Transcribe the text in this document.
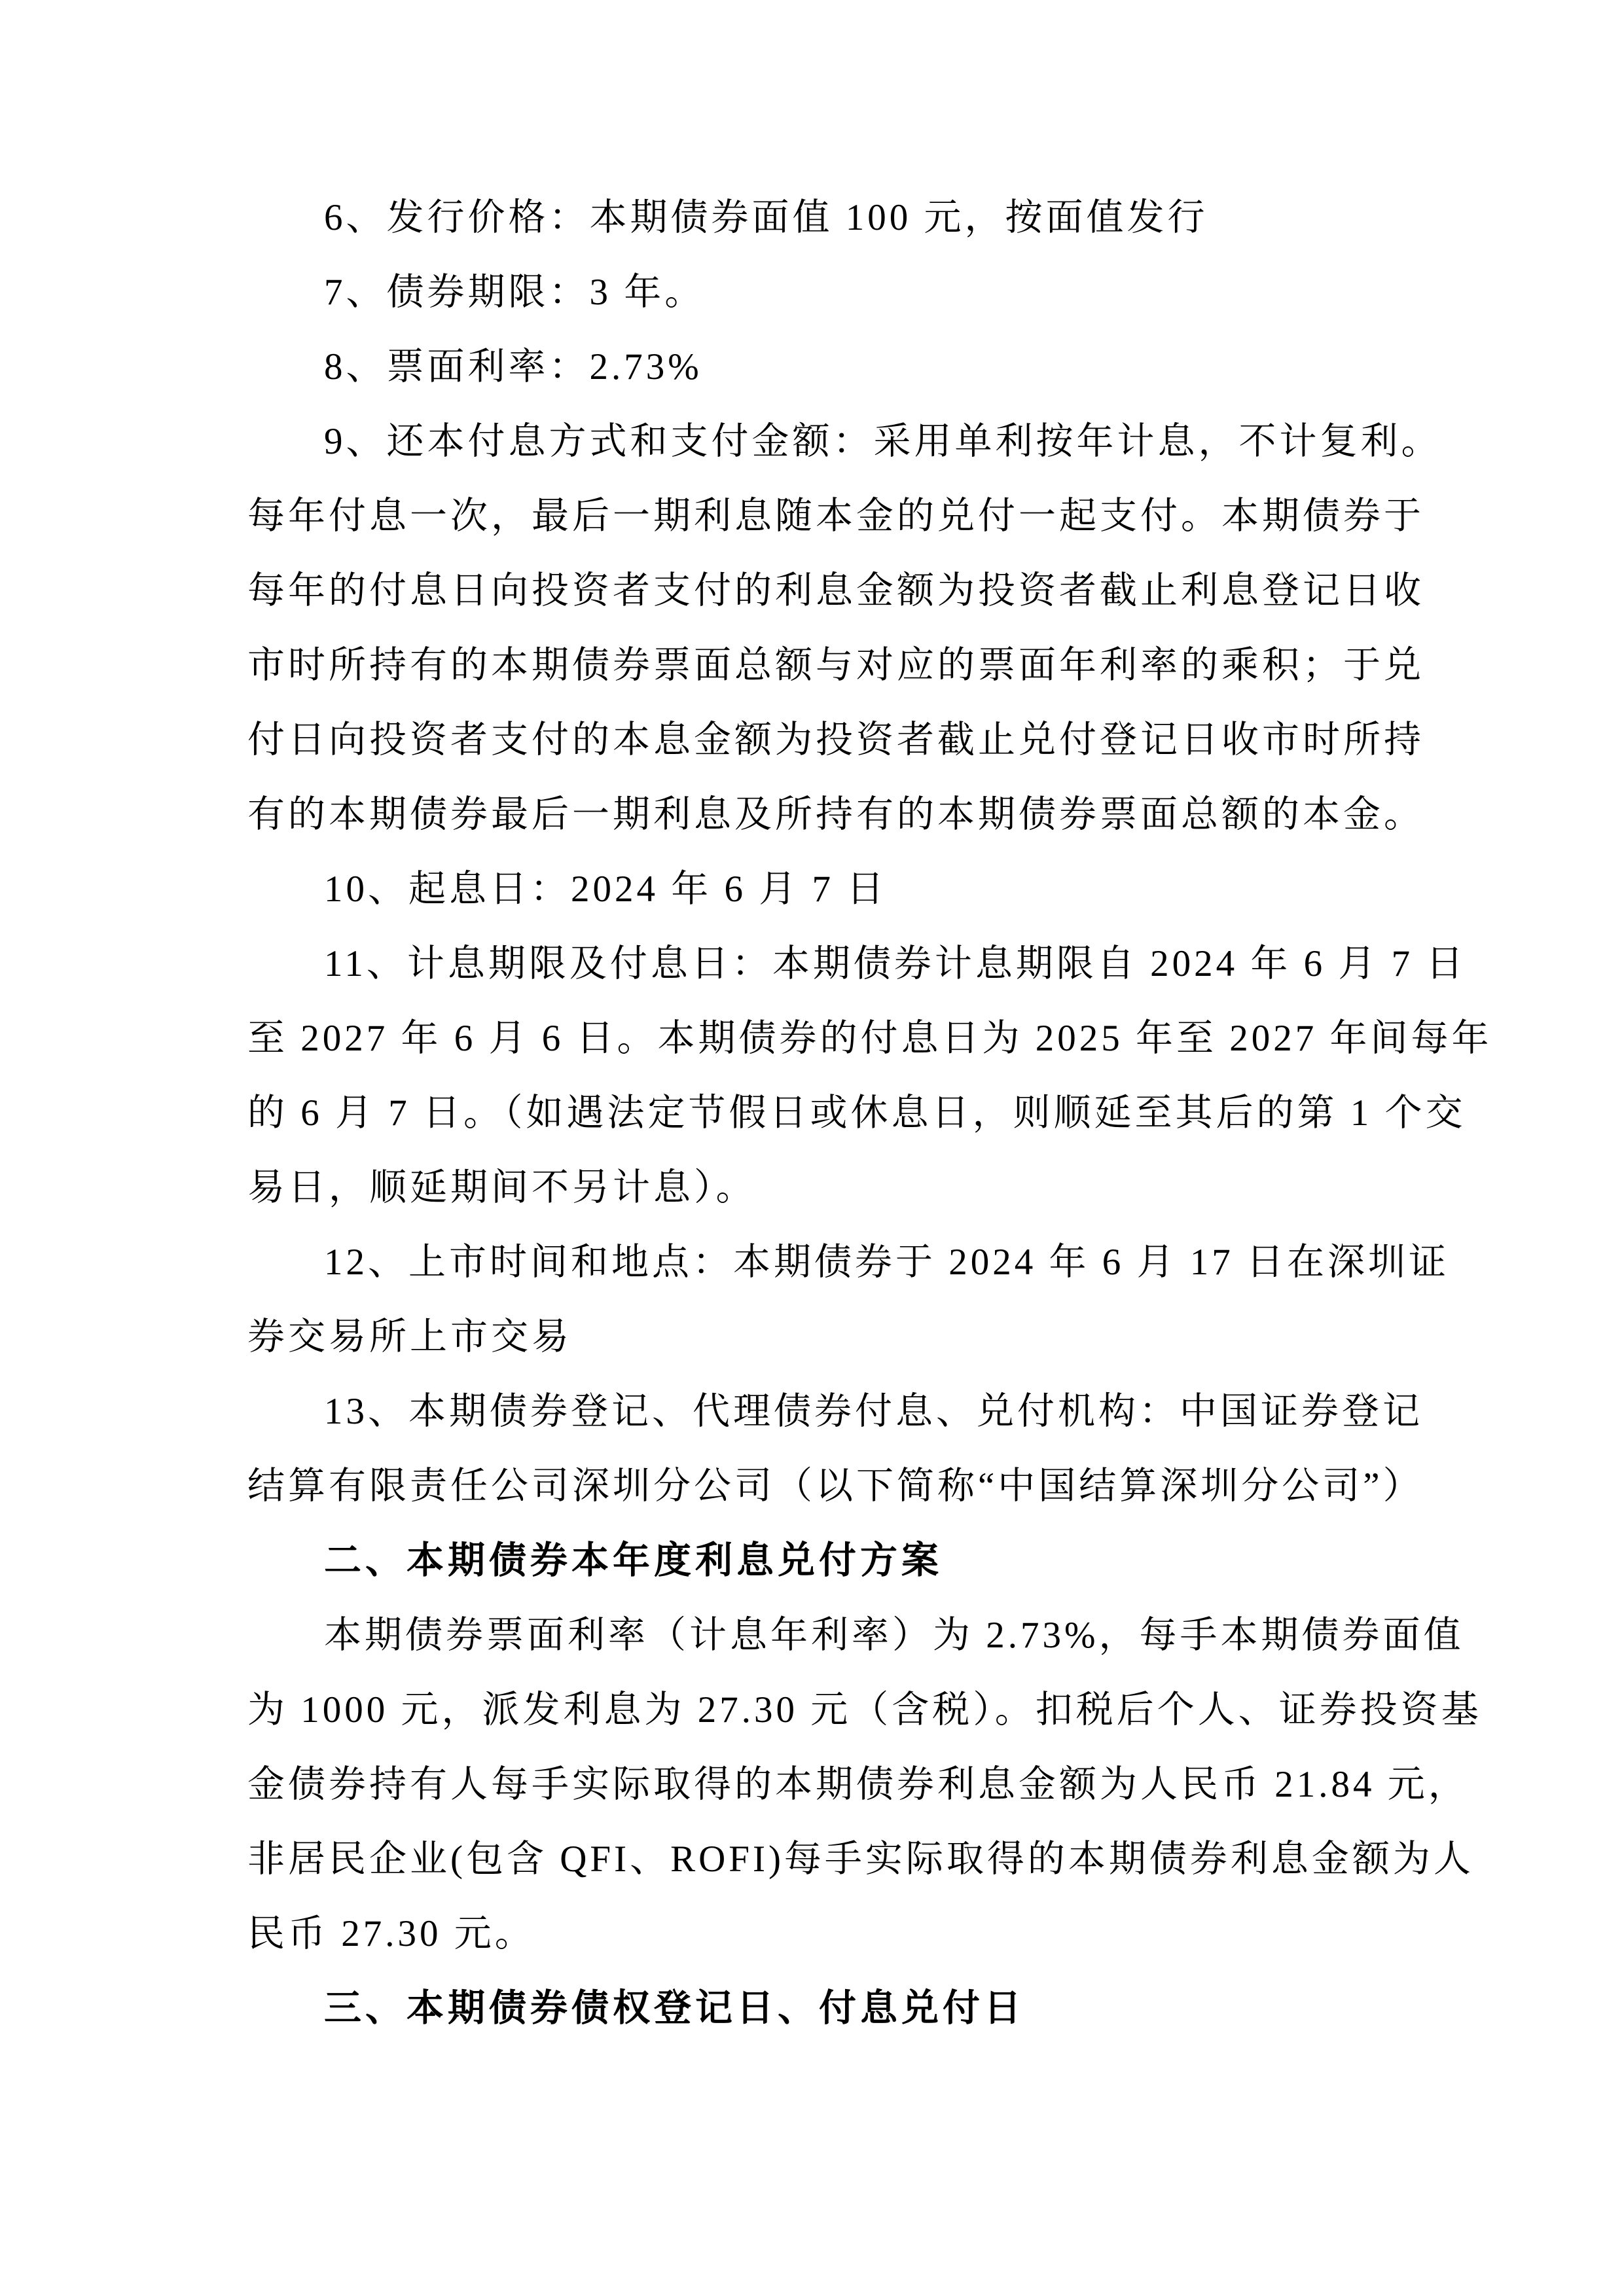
6、发行价格：本期债券面值 100 元，按面值发行
7、债券期限：3 年。
8、票面利率：2.73%
9、还本付息方式和支付金额：采用单利按年计息，不计复利。
每年付息一次，最后一期利息随本金的兑付一起支付。本期债券于
每年的付息日向投资者支付的利息金额为投资者截止利息登记日收
市时所持有的本期债券票面总额与对应的票面年利率的乘积；于兑
付日向投资者支付的本息金额为投资者截止兑付登记日收市时所持
有的本期债券最后一期利息及所持有的本期债券票面总额的本金。
10、起息日：2024 年 6 月 7 日
11、计息期限及付息日：本期债券计息期限自 2024 年 6 月 7 日
至 2027 年 6 月 6 日。本期债券的付息日为 2025 年至 2027 年间每年
的 6 月 7 日。（如遇法定节假日或休息日，则顺延至其后的第 1 个交
易日，顺延期间不另计息）。
12、上市时间和地点：本期债券于 2024 年 6 月 17 日在深圳证
券交易所上市交易
13、本期债券登记、代理债券付息、兑付机构：中国证券登记
结算有限责任公司深圳分公司（以下简称“中国结算深圳分公司”）
二、本期债券本年度利息兑付方案
本期债券票面利率（计息年利率）为 2.73%，每手本期债券面值
为 1000 元，派发利息为 27.30 元（含税）。扣税后个人、证券投资基
金债券持有人每手实际取得的本期债券利息金额为人民币 21.84 元，
非居民企业(包含 QFI、ROFI)每手实际取得的本期债券利息金额为人
民币 27.30 元。
三、本期债券债权登记日、付息兑付日
